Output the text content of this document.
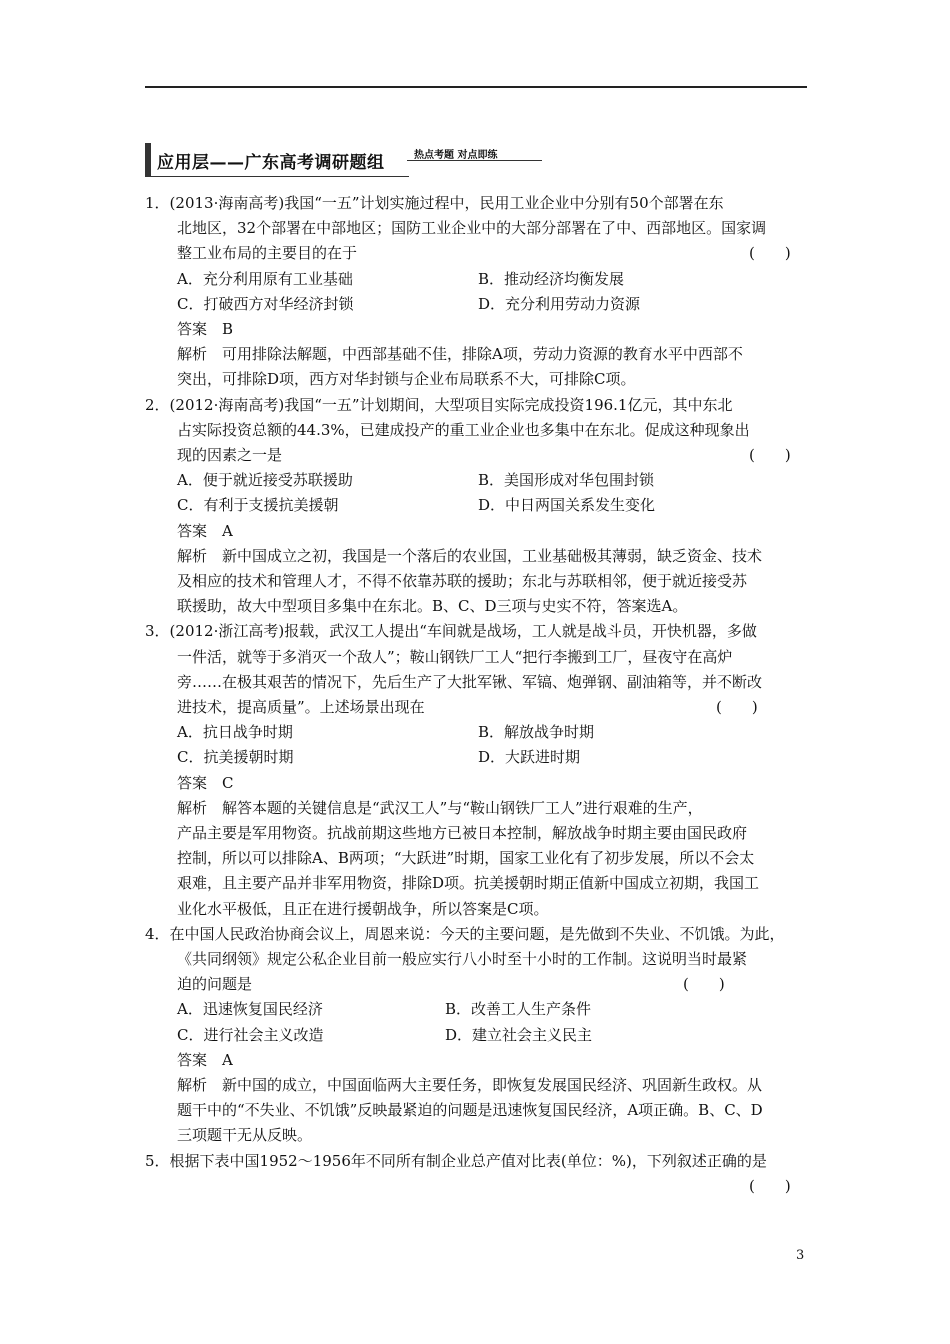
应用层——广东高考调研题组	热点考题 对点即练
1．(2013·海南高考)我国“一五”计划实施过程中，民用工业企业中分别有50个部署在东
北地区，32个部署在中部地区；国防工业企业中的大部分部署在了中、西部地区。国家调
整工业布局的主要目的在于	(　　)
A．充分利用原有工业基础	B．推动经济均衡发展
C．打破西方对华经济封锁	D．充分利用劳动力资源
答案　B
解析　可用排除法解题，中西部基础不佳，排除A项，劳动力资源的教育水平中西部不
突出，可排除D项，西方对华封锁与企业布局联系不大，可排除C项。
2．(2012·海南高考)我国“一五”计划期间，大型项目实际完成投资196.1亿元，其中东北
占实际投资总额的44.3%，已建成投产的重工业企业也多集中在东北。促成这种现象出
现的因素之一是	(　　)
A．便于就近接受苏联援助	B．美国形成对华包围封锁
C．有利于支援抗美援朝	D．中日两国关系发生变化
答案　A
解析　新中国成立之初，我国是一个落后的农业国，工业基础极其薄弱，缺乏资金、技术
及相应的技术和管理人才，不得不依靠苏联的援助；东北与苏联相邻，便于就近接受苏
联援助，故大中型项目多集中在东北。B、C、D三项与史实不符，答案选A。
3．(2012·浙江高考)报载，武汉工人提出“车间就是战场，工人就是战斗员，开快机器，多做
一件活，就等于多消灭一个敌人”；鞍山钢铁厂工人“把行李搬到工厂，昼夜守在高炉
旁……在极其艰苦的情况下，先后生产了大批军锹、军镐、炮弹钢、副油箱等，并不断改
进技术，提高质量”。上述场景出现在	(　　)
A．抗日战争时期	B．解放战争时期
C．抗美援朝时期	D．大跃进时期
答案　C
解析　解答本题的关键信息是“武汉工人”与“鞍山钢铁厂工人”进行艰难的生产，
产品主要是军用物资。抗战前期这些地方已被日本控制，解放战争时期主要由国民政府
控制，所以可以排除A、B两项；“大跃进”时期，国家工业化有了初步发展，所以不会太
艰难，且主要产品并非军用物资，排除D项。抗美援朝时期正值新中国成立初期，我国工
业化水平极低，且正在进行援朝战争，所以答案是C项。
4．在中国人民政治协商会议上，周恩来说：今天的主要问题，是先做到不失业、不饥饿。为此，
《共同纲领》规定公私企业目前一般应实行八小时至十小时的工作制。这说明当时最紧
迫的问题是	(　　)
A．迅速恢复国民经济	B．改善工人生产条件
C．进行社会主义改造	D．建立社会主义民主
答案　A
解析　新中国的成立，中国面临两大主要任务，即恢复发展国民经济、巩固新生政权。从
题干中的“不失业、不饥饿”反映最紧迫的问题是迅速恢复国民经济，A项正确。B、C、D
三项题干无从反映。
5．根据下表中国1952～1956年不同所有制企业总产值对比表(单位：%)，下列叙述正确的是
(　　)
3
